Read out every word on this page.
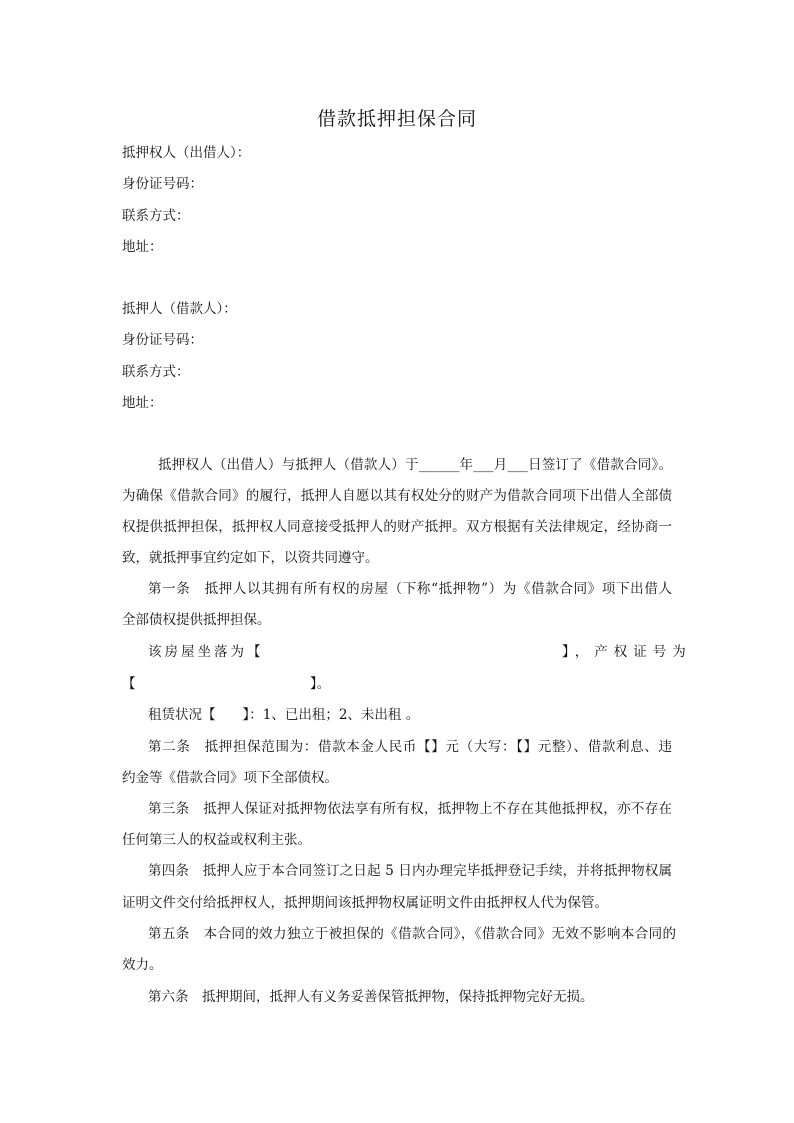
借款抵押担保合同
抵押权人（出借人）：
身份证号码：
联系方式：
地址：
抵押人（借款人）：
身份证号码：
联系方式：
地址：
抵押权人（出借人）与抵押人（借款人）于______年___月___日签订了《借款合同》。
为确保《借款合同》的履行，抵押人自愿以其有权处分的财产为借款合同项下出借人全部债
权提供抵押担保，抵押权人同意接受抵押人的财产抵押。双方根据有关法律规定，经协商一
致，就抵押事宜约定如下，以资共同遵守。
第一条　抵押人以其拥有所有权的房屋（下称“抵押物”）为《借款合同》项下出借人
全部债权提供抵押担保。
该房屋坐落为【	】，产权证号为
【	】。
租赁状况【　　】：1、已出租；2、未出租 。
第二条　抵押担保范围为：借款本金人民币【】元（大写：【】元整）、借款利息、违
约金等《借款合同》项下全部债权。
第三条　抵押人保证对抵押物依法享有所有权，抵押物上不存在其他抵押权，亦不存在
任何第三人的权益或权利主张。
第四条　抵押人应于本合同签订之日起 5 日内办理完毕抵押登记手续，并将抵押物权属
证明文件交付给抵押权人，抵押期间该抵押物权属证明文件由抵押权人代为保管。
第五条　本合同的效力独立于被担保的《借款合同》，《借款合同》无效不影响本合同的
效力。
第六条　抵押期间，抵押人有义务妥善保管抵押物，保持抵押物完好无损。
